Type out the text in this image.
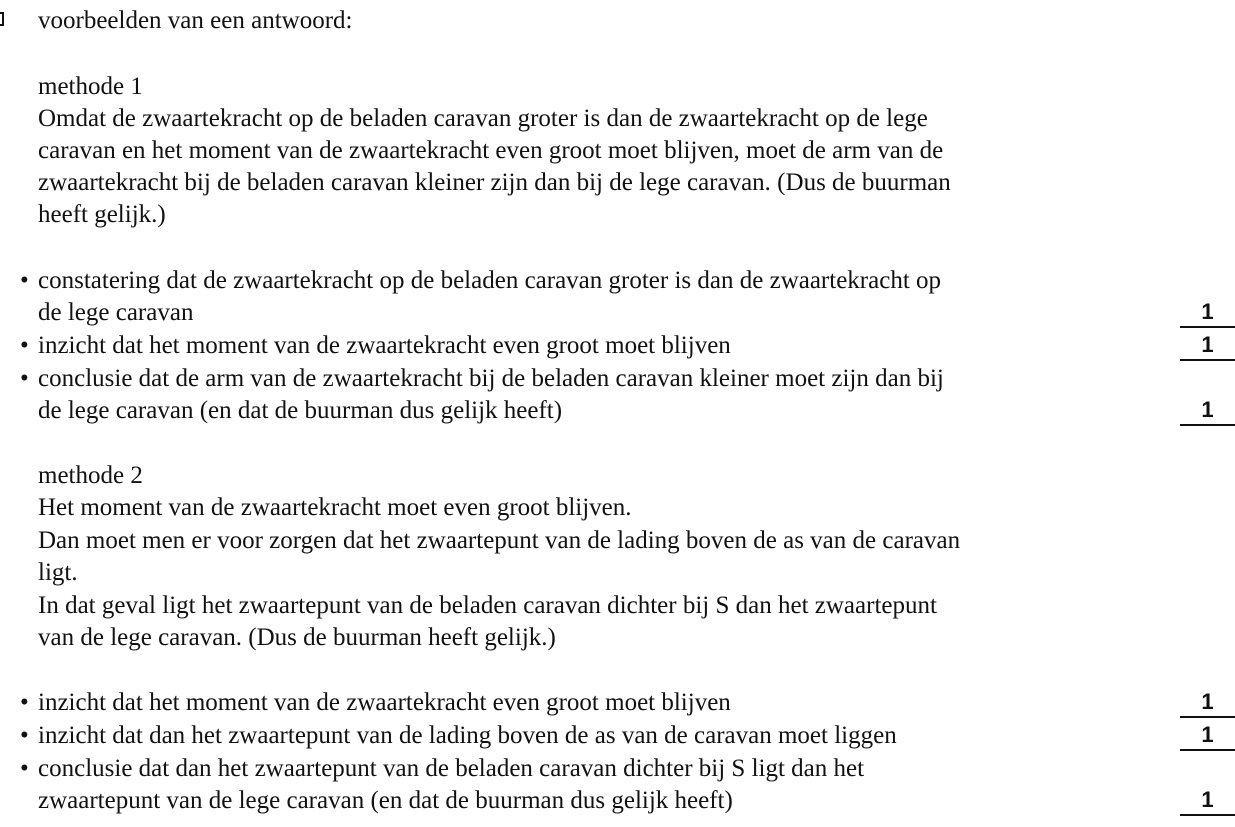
voorbeelden van een antwoord:
methode 1
Omdat de zwaartekracht op de beladen caravan groter is dan de zwaartekracht op de lege
caravan en het moment van de zwaartekracht even groot moet blijven, moet de arm van de
zwaartekracht bij de beladen caravan kleiner zijn dan bij de lege caravan. (Dus de buurman
heeft gelijk.)
• constatering dat de zwaartekracht op de beladen caravan groter is dan de zwaartekracht op
de lege caravan	1
• inzicht dat het moment van de zwaartekracht even groot moet blijven	1
• conclusie dat de arm van de zwaartekracht bij de beladen caravan kleiner moet zijn dan bij
de lege caravan (en dat de buurman dus gelijk heeft)	1
methode 2
Het moment van de zwaartekracht moet even groot blijven.
Dan moet men er voor zorgen dat het zwaartepunt van de lading boven de as van de caravan
ligt.
In dat geval ligt het zwaartepunt van de beladen caravan dichter bij S dan het zwaartepunt
van de lege caravan. (Dus de buurman heeft gelijk.)
• inzicht dat het moment van de zwaartekracht even groot moet blijven	1
• inzicht dat dan het zwaartepunt van de lading boven de as van de caravan moet liggen	1
• conclusie dat dan het zwaartepunt van de beladen caravan dichter bij S ligt dan het
zwaartepunt van de lege caravan (en dat de buurman dus gelijk heeft)	1
